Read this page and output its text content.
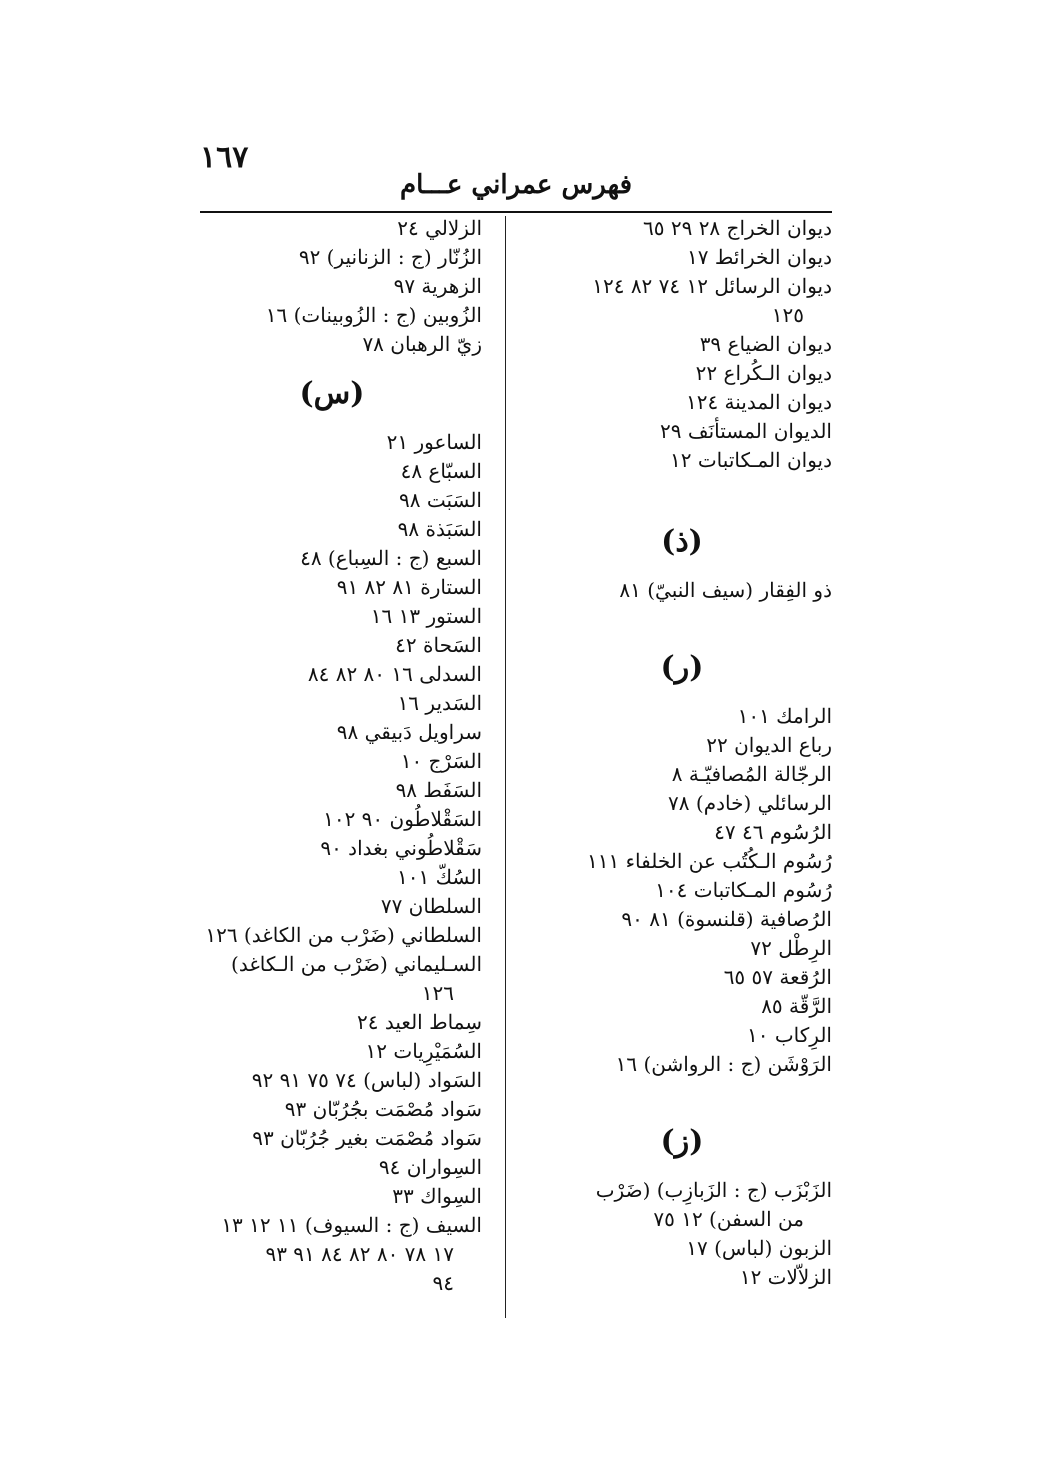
١٦٧
فهرس عمراني عـــام
ديوان الخراج ٢٨ ٢٩ ٦٥
ديوان الخرائط ١٧
ديوان الرسائل ١٢ ٧٤ ٨٢ ١٢٤
١٢٥
ديوان الضياع ٣٩
ديوان الـكُراع ٢٢
ديوان المدينة ١٢٤
الديوان المستأنَف ٢٩
ديوان المـكاتبات ١٢
(ذ)
ذو الفِقار (سيف النبيّ) ٨١
(ر)
الرامك ١٠١
رباع الديوان ٢٢
الرجّالة المُصافيّـة ٨
الرسائلي (خادم) ٧٨
الرُسُوم ٤٦ ٤٧
رُسُوم الـكُتُب عن الخلفاء ١١١
رُسُوم المـكاتبات ١٠٤
الرُصافية (قلنسوة) ٨١ ٩٠
الرِطْل ٧٢
الرُقعة ٥٧ ٦٥
الرَّقّة ٨٥
الرِكاب ١٠
الرَوْشَن (ج : الرواشن) ١٦
(ز)
الزَبْزَب (ج : الزَبازِب) (ضَرْب
من السفن) ١٢ ٧٥
الزبون (لباس) ١٧
الزلاّلات ١٢
الزلالي ٢٤
الزُنّار (ج : الزنانير) ٩٢
الزهرية ٩٧
الزُوبين (ج : الزُوبينات) ١٦
زيّ الرهبان ٧٨
(س)
الساعور ٢١
السبّاع ٤٨
السَبَت ٩٨
السَبَذة ٩٨
السبع (ج : السِباع) ٤٨
الستارة ٨١ ٨٢ ٩١
الستور ١٣ ١٦
السَحاة ٤٢
السدلى ١٦ ٨٠ ٨٢ ٨٤
السَدير ١٦
سراويل دَبيقي ٩٨
السَرْج ١٠
السَفَط ٩٨
السَقْلاطُون ٩٠ ١٠٢
سَقْلاطُوني بغداد ٩٠
السُكّ ١٠١
السلطان ٧٧
السلطاني (ضَرْب من الكاغد) ١٢٦
السـليماني (ضَرْب من الـكاغد)
١٢٦
سِماط العيد ٢٤
السُمَيْرِيات ١٢
السَواد (لباس) ٧٤ ٧٥ ٩١ ٩٢
سَواد مُصْمَت بجُرُبّان ٩٣
سَواد مُصْمَت بغير جُرُبّان ٩٣
السِواران ٩٤
السِواك ٣٣
السيف (ج : السيوف) ١١ ١٢ ١٣
١٧ ٧٨ ٨٠ ٨٢ ٨٤ ٩١ ٩٣
٩٤
